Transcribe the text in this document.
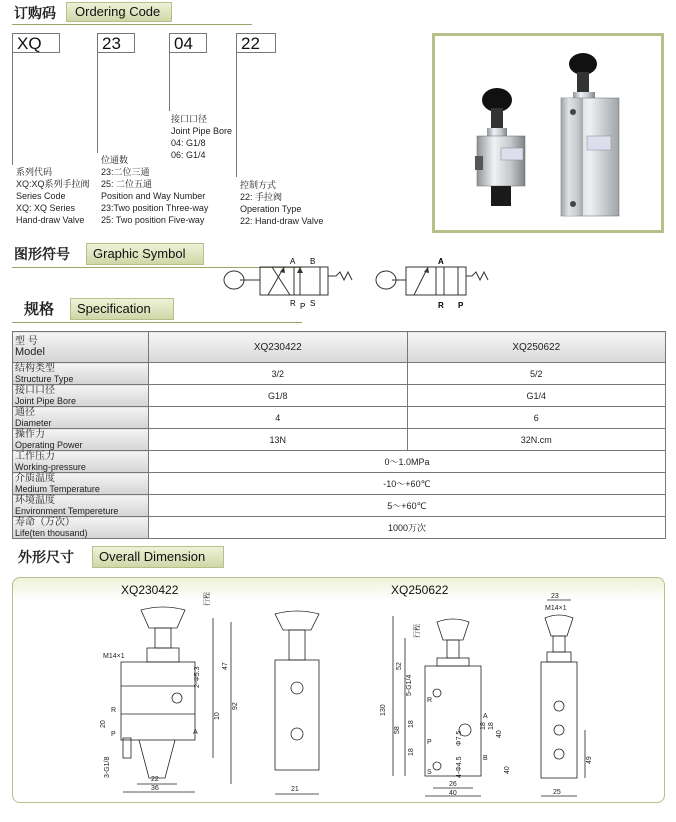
订购码	Ordering Code
XQ	23	04	22
系列代码
XQ:XQ系列手拉阀
Series Code
XQ: XQ Series
Hand-draw Valve
位通数
23:二位三通
25: 二位五通
Position and Way Number
23:Two position Three-way
25: Two position Five-way
接口口径
Joint Pipe Bore
04: G1/8
06: G1/4
控制方式
22: 手拉阀
Operation Type
22: Hand-draw Valve
图形符号	Graphic Symbol
A B
R P S
A
R P
规格	Specification
型 号
Model	XQ230422	XQ250622

结构类型
Structure Type	3/2	5/2

接口口径
Joint Pipe Bore	G1/8	G1/4

通径
Diameter	4	6

操作力
Operating Power	13N	32N.cm

工作压力
Working-pressure	0～1.0MPa	

介质温度
Medium Temperature	-10～+60℃	

环境温度
Environment Tempereture	5～+60℃	

寿命（万次）
Life(ten thousand)	1000万次	
外形尺寸	Overall Dimension
XQ230422	XQ250622
M14×1
2-Φ5.3
47
92
10
20
R
P	A
3-G1/8
22
36
行程
21
52
5-G1/4
130
58
18
18
18 18
40
40
Φ7.5
4-Φ4.5
26
40
R
P
S
A
B
行程
23
M14×1
49
25
